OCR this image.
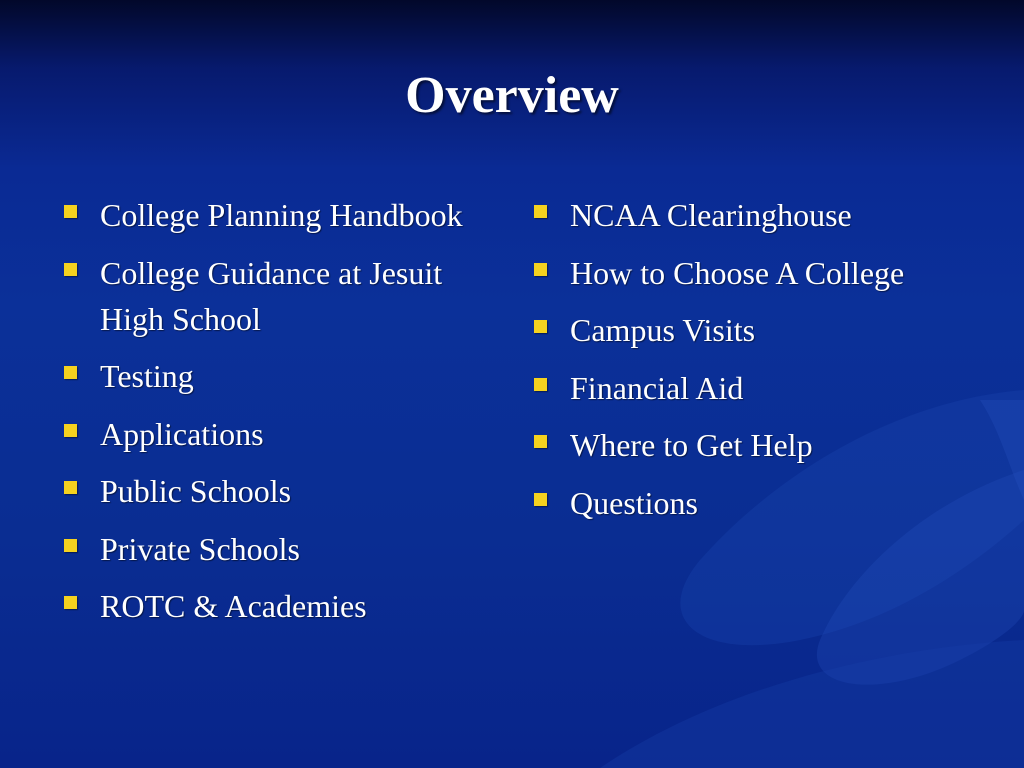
Overview
College Planning Handbook
College Guidance at Jesuit High School
Testing
Applications
Public Schools
Private Schools
ROTC & Academies
NCAA Clearinghouse
How to Choose A College
Campus Visits
Financial Aid
Where to Get Help
Questions
